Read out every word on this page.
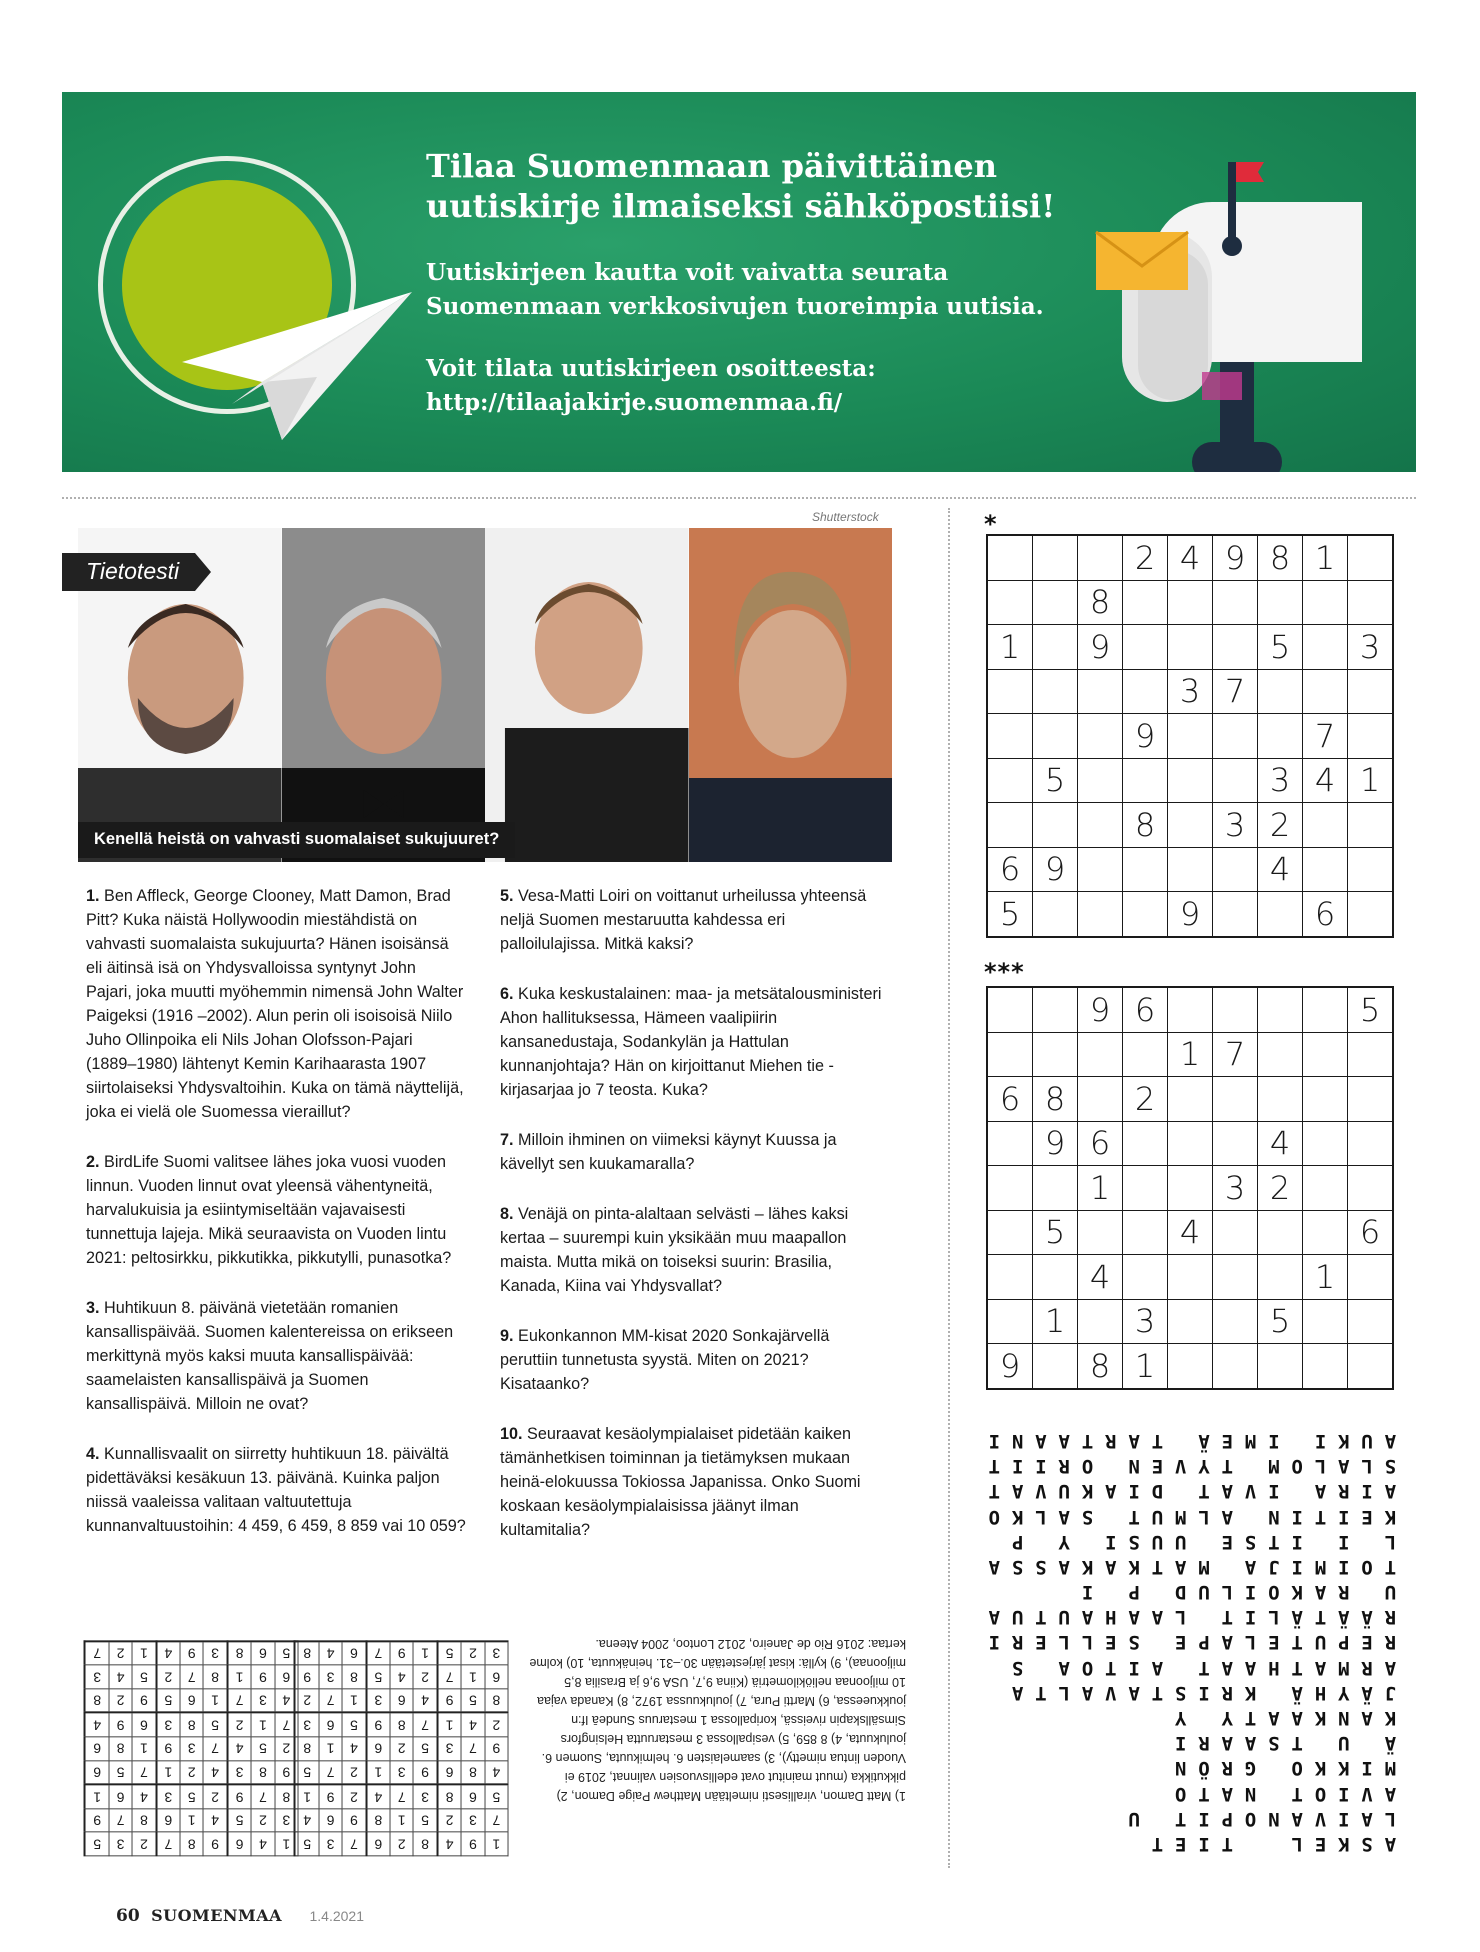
Tilaa Suomenmaan päivittäinen uutiskirje ilmaiseksi sähköpostiisi!

Uutiskirjeen kautta voit vaivatta seurata Suomenmaan verkkosivujen tuoreimpia uutisia.

Voit tilata uutiskirjeen osoitteesta:
http://tilaajakirje.suomenmaa.fi/
Shutterstock
Tietotesti
Kenellä heistä on vahvasti suomalaiset sukujuuret?

1. Ben Affleck, George Clooney, Matt Damon, Brad Pitt? Kuka näistä Hollywoodin miestähdistä on vahvasti suomalaista sukujuurta? Hänen isoisänsä eli äitinsä isä on Yhdysvalloissa syntynyt John Pajari, joka muutti myöhemmin nimensä John Walter Paigeksi (1916 –2002). Alun perin oli isoisoisä Niilo Juho Ollinpoika eli Nils Johan Olofsson-Pajari (1889–1980) lähtenyt Kemin Karihaarasta 1907 siirtolaiseksi Yhdysvaltoihin. Kuka on tämä näyttelijä, joka ei vielä ole Suomessa vieraillut?

2. BirdLife Suomi valitsee lähes joka vuosi vuoden linnun. Vuoden linnut ovat yleensä vähentyneitä, harvalukuisia ja esiintymiseltään vajavaisesti tunnettuja lajeja. Mikä seuraavista on Vuoden lintu 2021: peltosirkku, pikkutikka, pikkutylli, punasotka?

3. Huhtikuun 8. päivänä vietetään romanien kansallispäivää. Suomen kalentereissa on erikseen merkittynä myös kaksi muuta kansallispäivää: saamelaisten kansallispäivä ja Suomen kansallispäivä. Milloin ne ovat?

4. Kunnallisvaalit on siirretty huhtikuun 18. päivältä pidettäväksi kesäkuun 13. päivänä. Kuinka paljon niissä vaaleissa valitaan valtuutettuja kunnanvaltuustoihin: 4 459, 6 459, 8 859 vai 10 059?

5. Vesa-Matti Loiri on voittanut urheilussa yhteensä neljä Suomen mestaruutta kahdessa eri palloilulajissa. Mitkä kaksi?

6. Kuka keskustalainen: maa- ja metsätalousministeri Ahon hallituksessa, Hämeen vaalipiirin kansanedustaja, Sodankylän ja Hattulan kunnanjohtaja? Hän on kirjoittanut Miehen tie -kirjasarjaa jo 7 teosta. Kuka?

7. Milloin ihminen on viimeksi käynyt Kuussa ja kävellyt sen kuukamaralla?

8. Venäjä on pinta-alaltaan selvästi – lähes kaksi kertaa – suurempi kuin yksikään muu maapallon maista. Mutta mikä on toiseksi suurin: Brasilia, Kanada, Kiina vai Yhdysvallat?

9. Eukonkannon MM-kisat 2020 Sonkajärvellä peruttiin tunnetusta syystä. Miten on 2021? Kisataanko?

10. Seuraavat kesäolympialaiset pidetään kaiken tämänhetkisen toiminnan ja tietämyksen mukaan heinä-elokuussa Tokiossa Japanissa. Onko Suomi koskaan kesäolympialaisissa jäänyt ilman kultamitalia?

1) Matt Damon, virallisesti nimeltään Matthew Paige Damon, 2) pikkutikka (muut mainitut ovat edellisvuosien valinnat, 2019 ei Vuoden lintua nimetty), 3) saamelaisten 6. helmikuuta, Suomen 6. joulukuuta, 4) 8 859, 5) vesipallossa 3 mestaruutta Helsingfors Simsällskapin riveissä, koripallossa 1 mestaruus Sundeā If:n joukkueessa, 6) Martti Pura, 7) joulukuussa 1972, 8) Kanada vajaa 10 miljoonaa neliökilometriä (Kiina 9,7, USA 9,6 ja Brasilia 8,5 miljoonaa), 9) kyllä: kisat järjestetään 30.–31. heinäkuuta, 10) kolme kertaa: 2016 Rio de Janeiro, 2012 Lontoo, 2004 Ateena.

1	4	6	9	8	7	2	3	5
3	2	5	4	1	6	8	7	9
8	7	9	2	5	3	4	6	1
9	8	3	4	2	1	7	5	6
2	5	4	7	3	9	1	8	6
7	1	2	5	8	3	6	9	4
4	3	7	1	6	5	9	2	8
6	9	1	8	7	2	5	4	3
5	6	8	3	9	4	1	2	7
1	9	4	8	2	6	7	3	5
7	3	2	5	1	8	9	6	4
5	6	8	3	7	4	2	9	1
4	8	6	9	3	1	2	7	5
9	7	3	5	2	6	4	1	8
2	4	1	7	8	9	5	6	3
8	5	9	4	6	3	1	7	2
6	1	7	2	4	5	8	3	9
3	2	5	1	9	7	6	4	8
*
			2	4	9	8	1	
		8						
1		9				5		3
				3	7			
			9				7	
	5					3	4	1
			8		3	2		
6	9					4		
5				9			6	
***
		9	6					5
				1	7			
6	8		2					
	9	6				4		
		1			3	2		
	5			4				6
		4					1	
	1		3			5		
9		8	1					
A
S
K
E
L

T
I
E
T
L
A
I
V
A
N
O
P
I
T

U
A
V
I
O
T

N
A
T
O
M
I
K
K
O

G
R
Ö
N
Ä

U

T
S
A
A
R
I
K
A
N
K
A
A
T
Y

Y
J
Ä
Y
H
Ä

K
R
I
S
T
A
V
A
L
T
A
A
R
M
A
T
H
A
A
T

A
I
T
O
A

S
R
E
P
U
T
E
L
A
P
E

S
E
L
L
E
R
I
R
Ä
Ä
T
Ä
L
I
T

L
A
A
H
A
U
T
U
A
U

R
A
K
O
I
L
U
D

P

I
T
O
I
M
I
J
A

M
A
T
K
A
K
A
S
S
A
L

I

I
T
S
E

U
U
S
I

Y

P
K
E
I
T
I
N

A
L
M
U
T

S
A
L
K
O
A
I
R
A

I
V
A
T

D
I
A
K
U
V
A
T
S
L
A
L
O
M

T
Y
V
E
N

O
R
I
I
T
A
U
K
I

I
M
E
Ä

T
A
R
T
A
A
N
I
60 SUOMENMAA 1.4.2021
